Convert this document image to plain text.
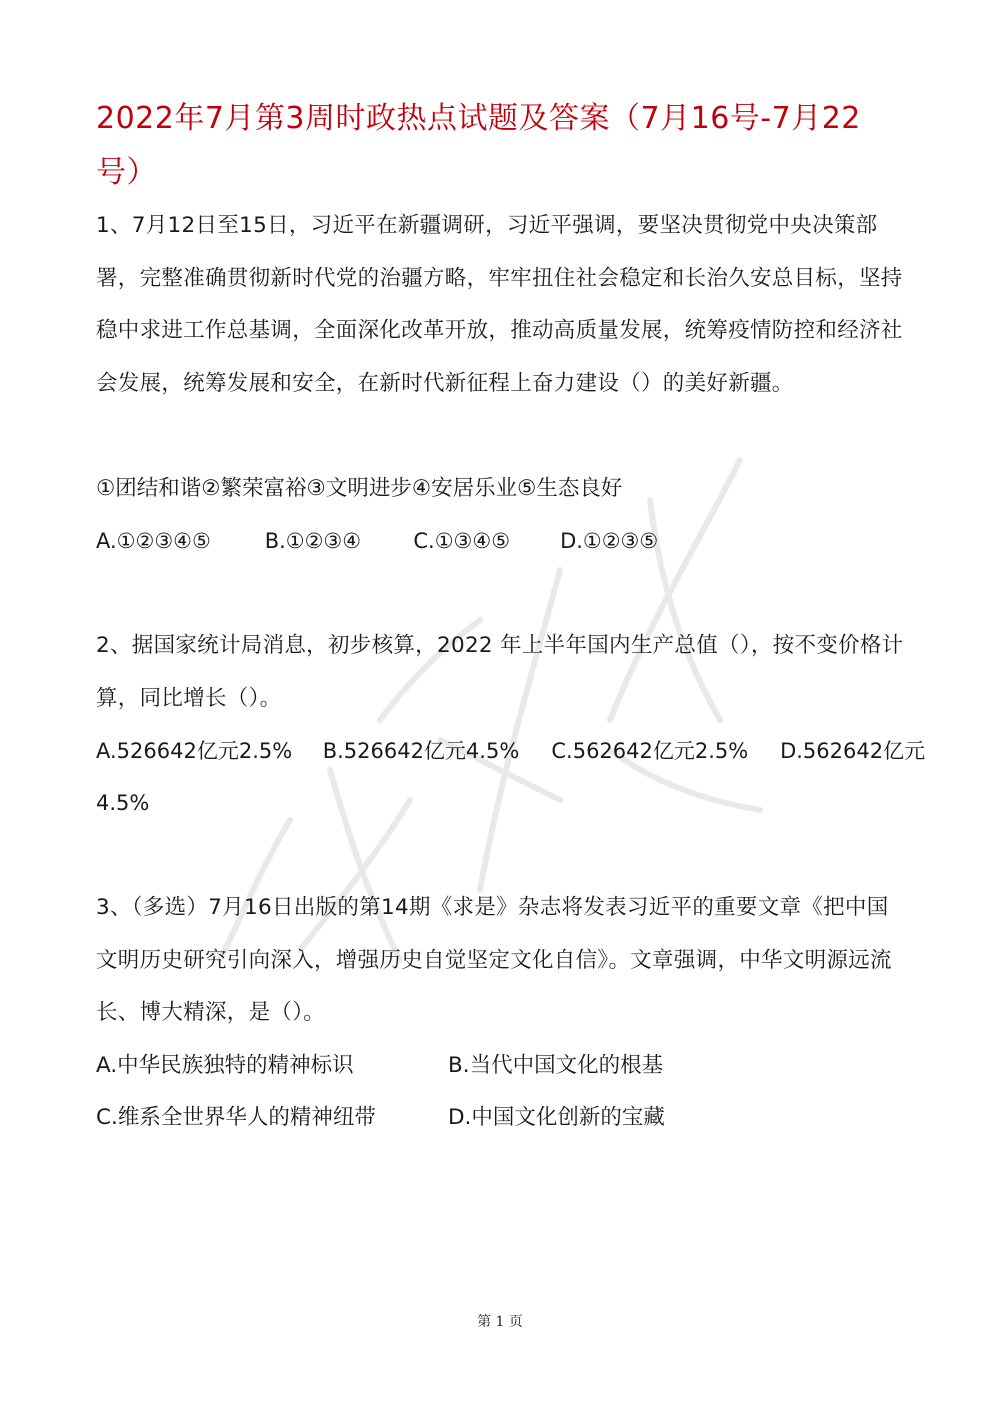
2022年7月第3周时政热点试题及答案（7月16号-7月22号）

1、7月12日至15日，习近平在新疆调研，习近平强调，要坚决贯彻党中央决策部署，完整准确贯彻新时代党的治疆方略，牢牢扭住社会稳定和长治久安总目标，坚持稳中求进工作总基调，全面深化改革开放，推动高质量发展，统筹疫情防控和经济社会发展，统筹发展和安全，在新时代新征程上奋力建设（）的美好新疆。

①团结和谐②繁荣富裕③文明进步④安居乐业⑤生态良好

A.①②③④⑤	B.①②③④ C.①③④⑤ D.①②③⑤

2、据国家统计局消息，初步核算，2022 年上半年国内生产总值（），按不变价格计算，同比增长（）。

A.526642亿元2.5% B.526642亿元4.5% C.562642亿元2.5% D.562642亿元
4.5%

3、（多选）7月16日出版的第14期《求是》杂志将发表习近平的重要文章《把中国文明历史研究引向深入，增强历史自觉坚定文化自信》。文章强调，中华文明源远流长、博大精深，是（）。

A.中华民族独特的精神标识	B.当代中国文化的根基
C.维系全世界华人的精神纽带	D.中国文化创新的宝藏
第 1 页
